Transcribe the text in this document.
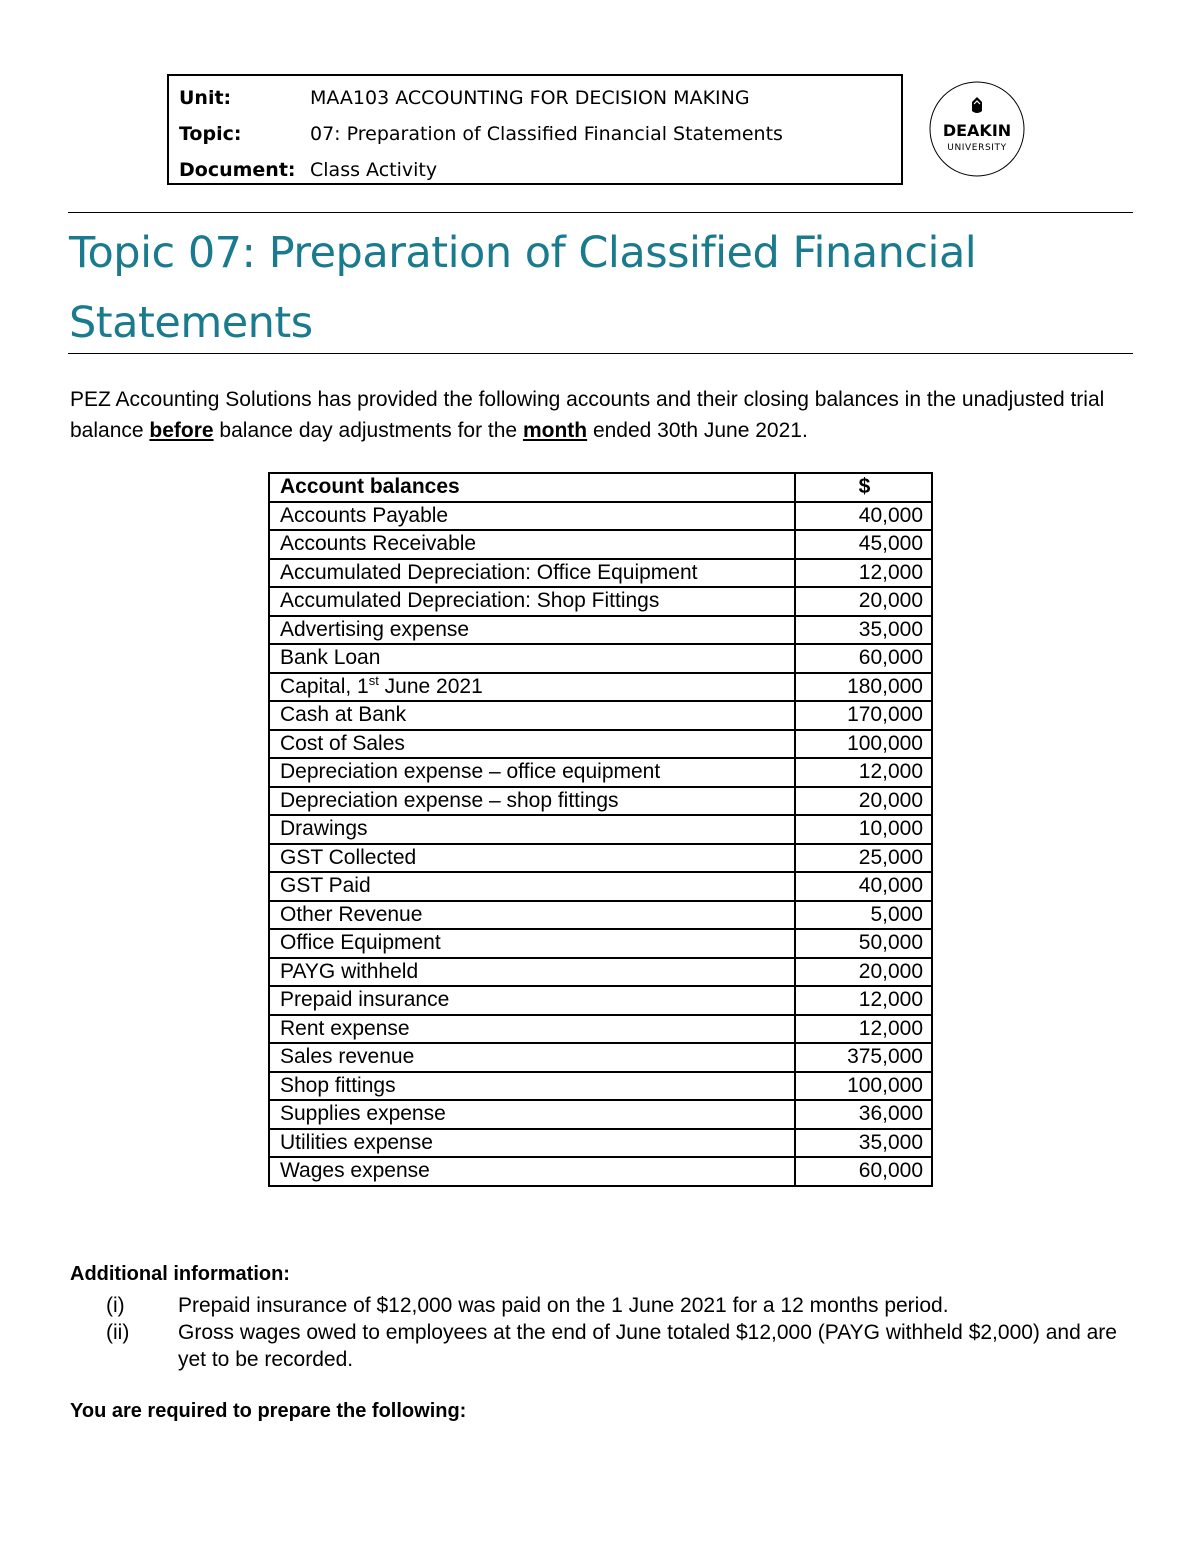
Unit:	MAA103 ACCOUNTING FOR DECISION MAKING
Topic:	07: Preparation of Classified Financial Statements
Document: Class Activity
DEAKIN
UNIVERSITY
Topic 07: Preparation of Classified Financial Statements

PEZ Accounting Solutions has provided the following accounts and their closing balances in the unadjusted trial balance before balance day adjustments for the month ended 30th June 2021.

Account balances	$
Accounts Payable	40,000
Accounts Receivable	45,000
Accumulated Depreciation: Office Equipment	12,000
Accumulated Depreciation: Shop Fittings	20,000
Advertising expense	35,000
Bank Loan	60,000
Capital, 1st June 2021	180,000
Cash at Bank	170,000
Cost of Sales	100,000
Depreciation expense – office equipment	12,000
Depreciation expense – shop fittings	20,000
Drawings	10,000
GST Collected	25,000
GST Paid	40,000
Other Revenue	5,000
Office Equipment	50,000
PAYG withheld	20,000
Prepaid insurance	12,000
Rent expense	12,000
Sales revenue	375,000
Shop fittings	100,000
Supplies expense	36,000
Utilities expense	35,000
Wages expense	60,000
Additional information:
(i)	Prepaid insurance of $12,000 was paid on the 1 June 2021 for a 12 months period.
(ii) Gross wages owed to employees at the end of June totaled $12,000 (PAYG withheld $2,000) and are yet to be recorded.
You are required to prepare the following:
